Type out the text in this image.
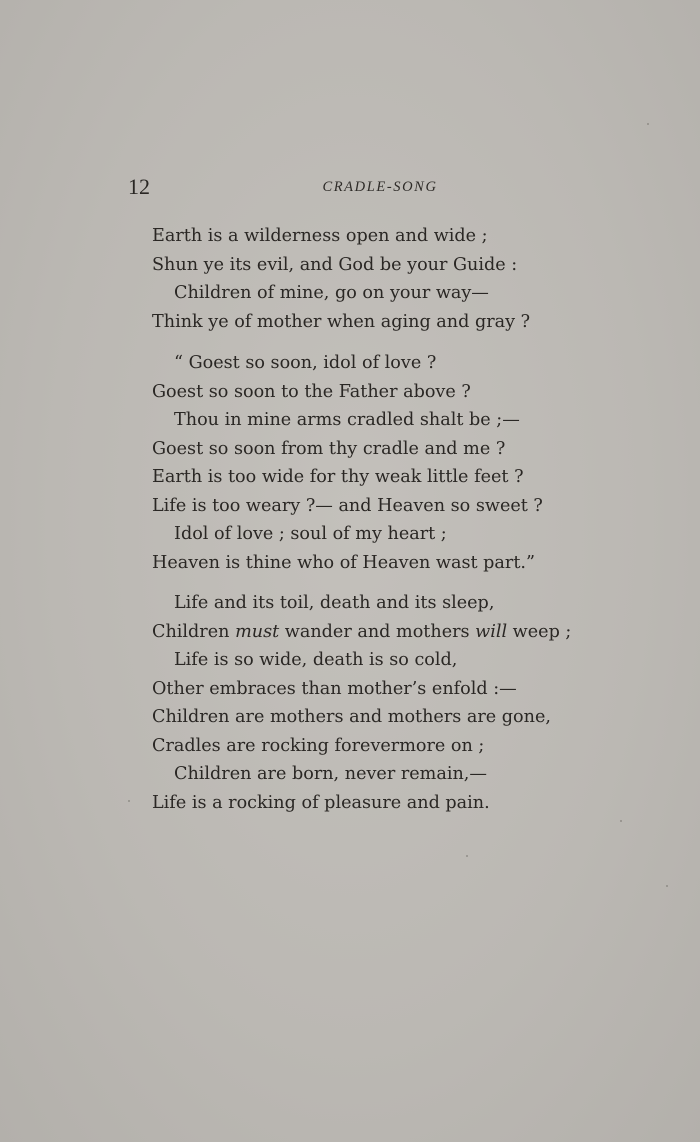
12	CRADLE-SONG
Earth is a wilderness open and wide ;
Shun ye its evil, and God be your Guide :
Children of mine, go on your way—
Think ye of mother when aging and gray ?
“ Goest so soon, idol of love ?
Goest so soon to the Father above ?
Thou in mine arms cradled shalt be ;—
Goest so soon from thy cradle and me ?
Earth is too wide for thy weak little feet ?
Life is too weary ?— and Heaven so sweet ?
Idol of love ; soul of my heart ;
Heaven is thine who of Heaven wast part.”
Life and its toil, death and its sleep,
Children must wander and mothers will weep ;
Life is so wide, death is so cold,
Other embraces than mother’s enfold :—
Children are mothers and mothers are gone,
Cradles are rocking forevermore on ;
Children are born, never remain,—
Life is a rocking of pleasure and pain.
